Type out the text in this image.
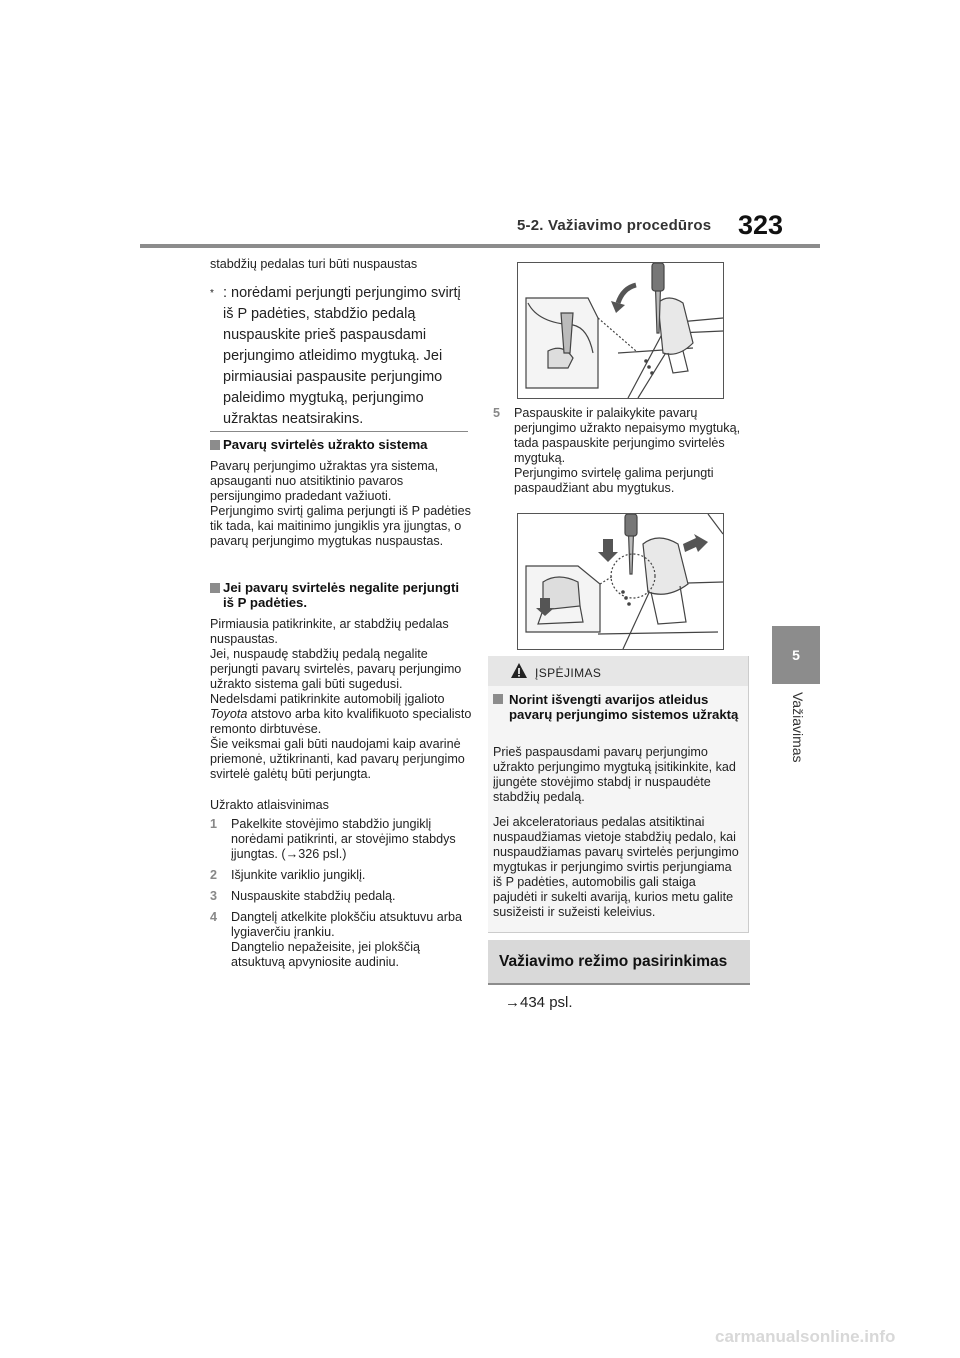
5-2. Važiavimo procedūros 323
5
Važiavimas
stabdžių pedalas turi būti nuspaustas
* : norėdami perjungti perjungimo svirtį iš P padėties, stabdžio pedalą nuspauskite prieš paspausdami perjungimo atleidimo mygtuką. Jei pirmiausiai paspausite perjungimo paleidimo mygtuką, perjungimo užraktas neatsirakins.
Pavarų svirtelės užrakto sistema
Pavarų perjungimo užraktas yra sistema, apsauganti nuo atsitiktinio pavaros persijungimo pradedant važiuoti.
Perjungimo svirtį galima perjungti iš P padėties tik tada, kai maitinimo jungiklis yra įjungtas, o pavarų perjungimo mygtukas nuspaustas.
Jei pavarų svirtelės negalite perjungti
iš P padėties.
Pirmiausia patikrinkite, ar stabdžių pedalas nuspaustas.
Jei, nuspaudę stabdžių pedalą negalite perjungti pavarų svirtelės, pavarų perjungimo užrakto sistema gali būti sugedusi. Nedelsdami patikrinkite automobilį įgalioto Toyota atstovo arba kito kvalifikuoto specialisto remonto dirbtuvėse.
Šie veiksmai gali būti naudojami kaip avarinė priemonė, užtikrinanti, kad pavarų perjungimo svirtelė galėtų būti perjungta.
Užrakto atlaisvinimas
1	Pakelkite stovėjimo stabdžio jungiklį norėdami patikrinti, ar stovėjimo stabdys įjungtas. (→326 psl.)
2	Išjunkite variklio jungiklį.
3	Nuspauskite stabdžių pedalą.
4	Dangtelį atkelkite plokščiu atsuktuvu arba lygiaverčiu įrankiu.
Dangtelio nepažeisite, jei plokščią atsuktuvą apvyniosite audiniu.
5	Paspauskite ir palaikykite pavarų perjungimo užrakto nepaisymo mygtuką, tada paspauskite perjungimo svirtelės mygtuką.
Perjungimo svirtelę galima perjungti paspaudžiant abu mygtukus.
ĮSPĖJIMAS
Norint išvengti avarijos atleidus pavarų perjungimo sistemos užraktą
Prieš paspausdami pavarų perjungimo užrakto perjungimo mygtuką įsitikinkite, kad įjungėte stovėjimo stabdį ir nuspaudėte stabdžių pedalą.
Jei akceleratoriaus pedalas atsitiktinai nuspaudžiamas vietoje stabdžių pedalo, kai nuspaudžiamas pavarų svirtelės perjungimo mygtukas ir perjungimo svirtis perjungiama iš P padėties, automobilis gali staiga pajudėti ir sukelti avariją, kurios metu galite susižeisti ir sužeisti keleivius.
Važiavimo režimo pasirinkimas
→434 psl.
carmanualsonline.info
